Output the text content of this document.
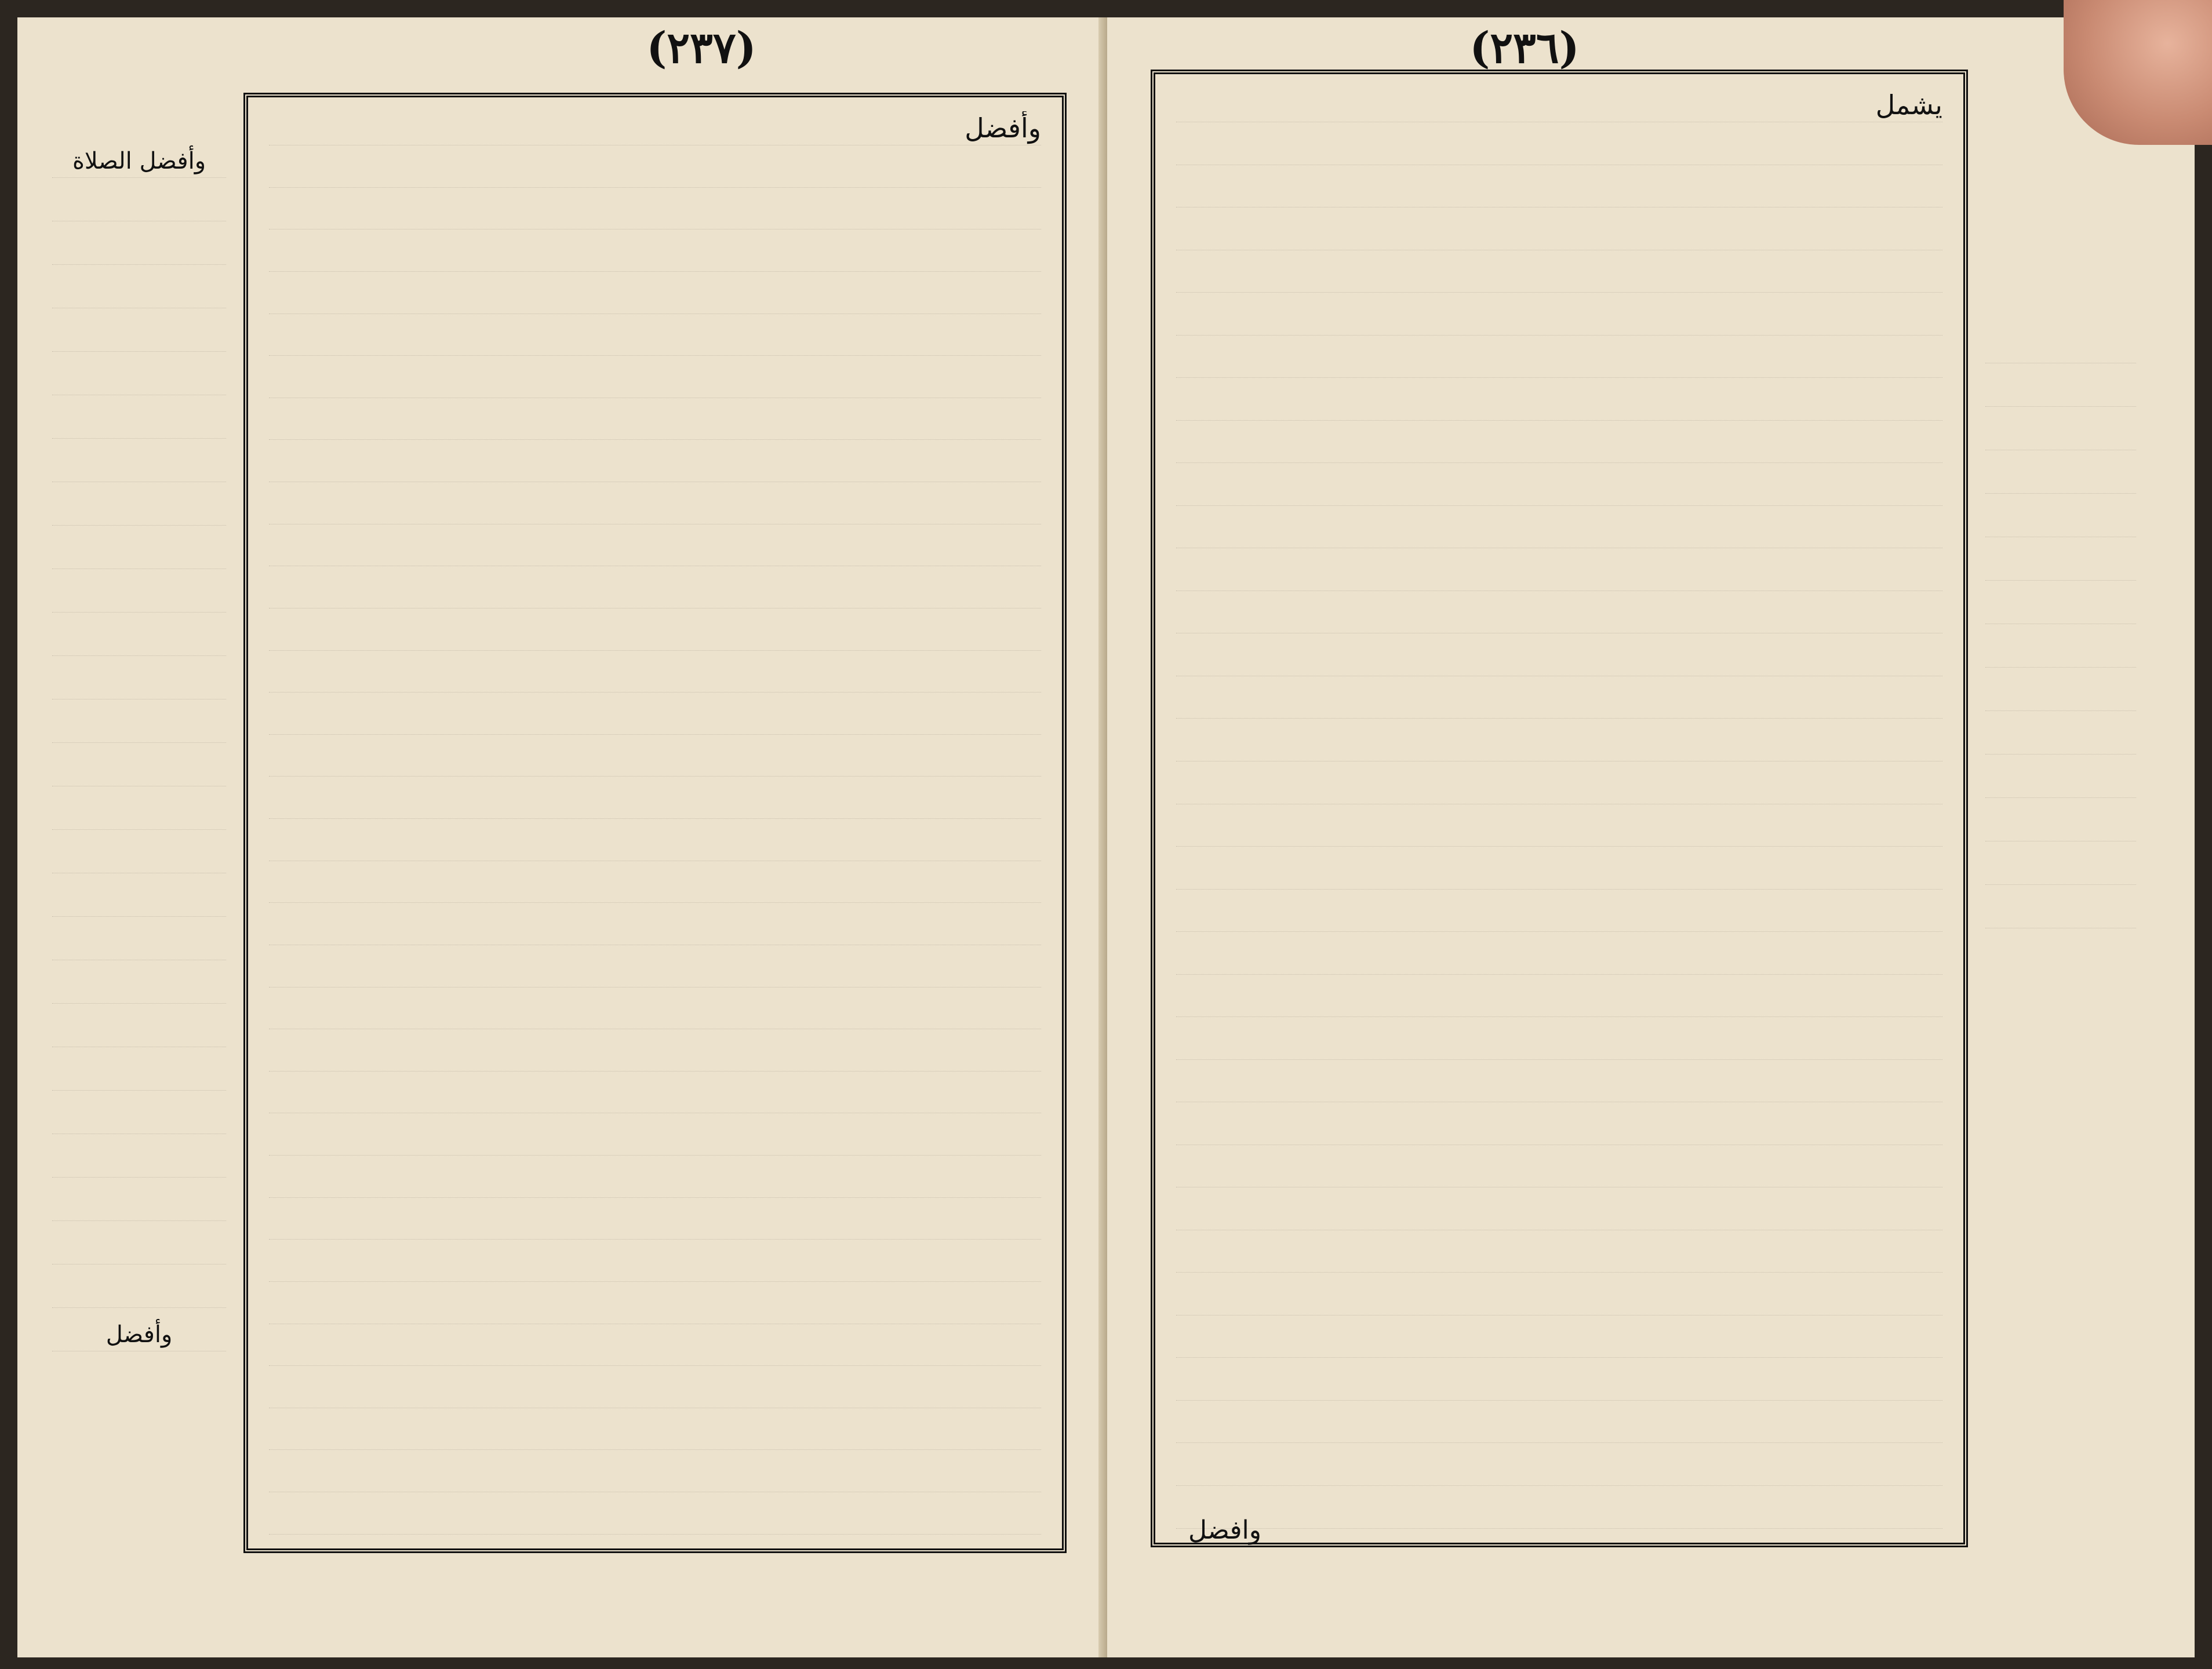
(٢٣٧)
وأفضل الصلاة
وأفضل
وأفضل
(٢٣٦)
يشمل
وافضل
